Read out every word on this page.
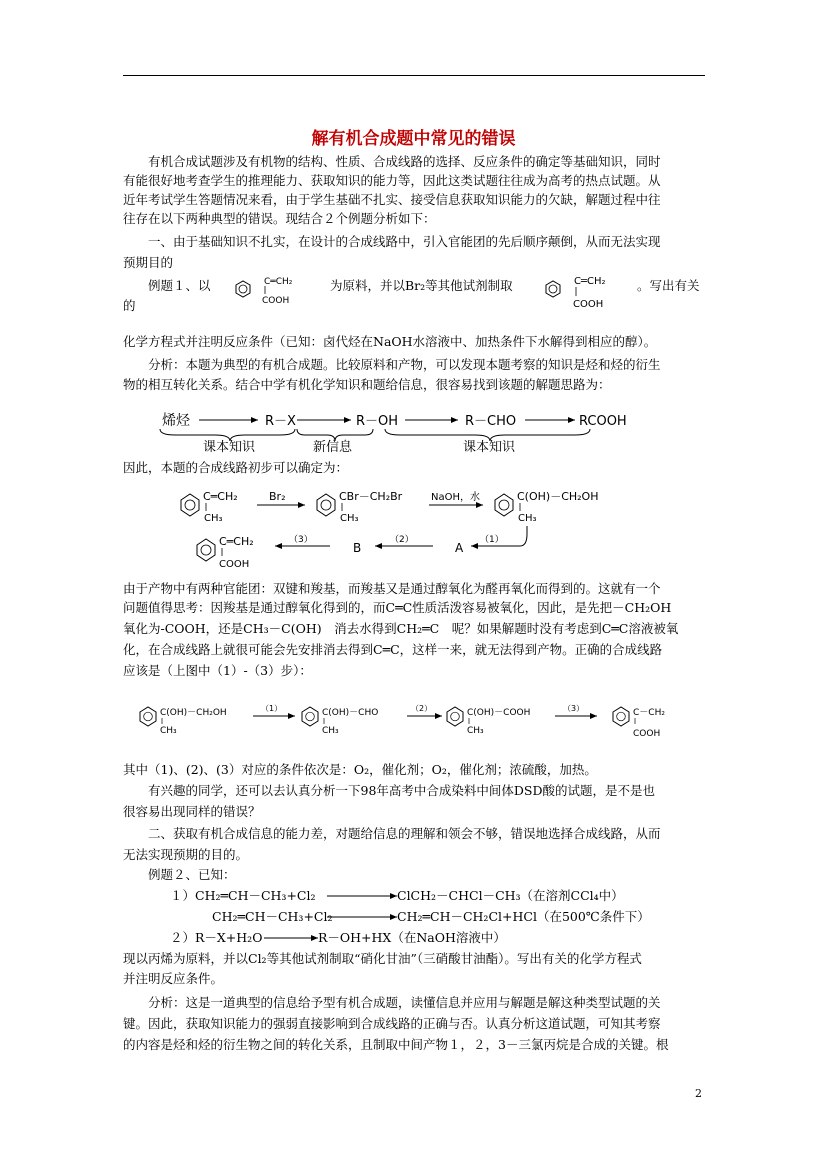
解有机合成题中常见的错误
有机合成试题涉及有机物的结构、性质、合成线路的选择、反应条件的确定等基础知识，同时
有能很好地考查学生的推理能力、获取知识的能力等，因此这类试题往往成为高考的热点试题。从
近年考试学生答题情况来看，由于学生基础不扎实、接受信息获取知识能力的欠缺，解题过程中往
往存在以下两种典型的错误。现结合２个例题分析如下：
一、由于基础知识不扎实，在设计的合成线路中，引入官能团的先后顺序颠倒，从而无法实现
预期目的
例题１、以	C═CH₂
COOH
为原料，并以Br₂等其他试剂制取	C═CH₂
COOH
。写出有关
的
化学方程式并注明反应条件（已知：卤代烃在NaOH水溶液中、加热条件下水解得到相应的醇）。
分析：本题为典型的有机合成题。比较原料和产物，可以发现本题考察的知识是烃和烃的衍生
物的相互转化关系。结合中学有机化学知识和题给信息，很容易找到该题的解题思路为：
烯烃	R－X	R－OH	R－CHO	RCOOH
课本知识	新信息	课本知识
因此，本题的合成线路初步可以确定为：
C═CH₂
CH₃
Br₂	CBr－CH₂Br
CH₃
NaOH，水	C(OH)－CH₂OH
CH₃
C═CH₂
COOH
（3）
B
（2）
A
（1）
由于产物中有两种官能团：双键和羧基，而羧基又是通过醇氧化为醛再氧化而得到的。这就有一个
问题值得思考：因羧基是通过醇氧化得到的，而C═C性质活泼容易被氧化，因此，是先把－CH₂OH
氧化为-COOH，还是CH₃－C(OH)　消去水得到CH₂═C　呢？如果解题时没有考虑到C═C溶液被氧
化，在合成线路上就很可能会先安排消去得到C═C，这样一来，就无法得到产物。正确的合成线路
应该是（上图中（1）-（3）步）：
C(OH)－CH₂OH
CH₃
（1）	C(OH)－CHO
CH₃
（2）	C(OH)－COOH
CH₃
（3）	C－CH₂
COOH
其中（1)、(2)、(3）对应的条件依次是：O₂，催化剂；O₂，催化剂；浓硫酸，加热。
有兴趣的同学，还可以去认真分析一下98年高考中合成染料中间体DSD酸的试题，是不是也
很容易出现同样的错误？
二、获取有机合成信息的能力差，对题给信息的理解和领会不够，错误地选择合成线路，从而
无法实现预期的目的。
例题２、已知：
１）CH₂═CH－CH₃+Cl₂	ClCH₂－CHCl－CH₃（在溶剂CCl₄中）
CH₂═CH－CH₃+Cl₂	CH₂═CH－CH₂Cl+HCl（在500℃条件下）
２）R－X+H₂O →
R－OH+HX（在NaOH溶液中）
现以丙烯为原料，并以Cl₂等其他试剂制取“硝化甘油”（三硝酸甘油酯）。写出有关的化学方程式
并注明反应条件。
分析：这是一道典型的信息给予型有机合成题，读懂信息并应用与解题是解这种类型试题的关
键。因此，获取知识能力的强弱直接影响到合成线路的正确与否。认真分析这道试题，可知其考察
的内容是烃和烃的衍生物之间的转化关系，且制取中间产物１，２，3－三氯丙烷是合成的关键。根
2
